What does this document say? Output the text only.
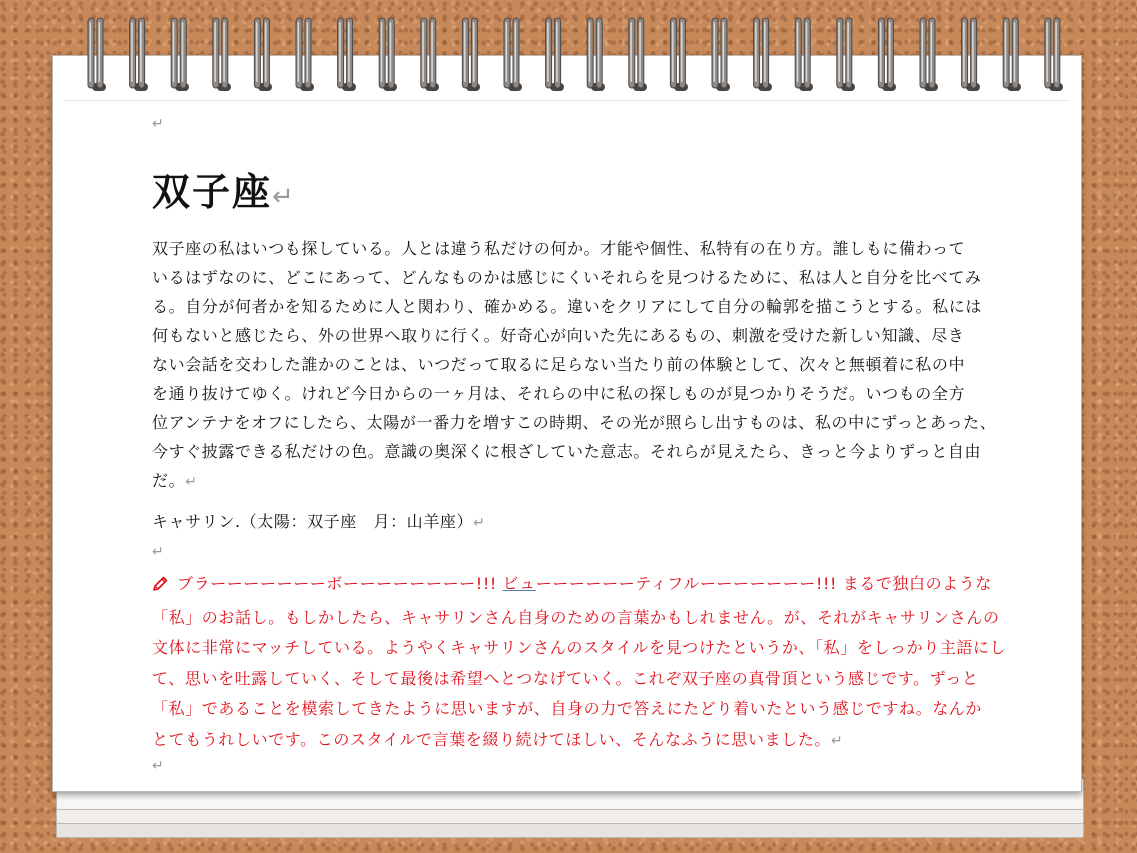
↵
双子座↵
双子座の私はいつも探している。人とは違う私だけの何か。才能や個性、私特有の在り方。誰しもに備わって
いるはずなのに、どこにあって、どんなものかは感じにくいそれらを見つけるために、私は人と自分を比べてみ
る。自分が何者かを知るために人と関わり、確かめる。違いをクリアにして自分の輪郭を描こうとする。私には
何もないと感じたら、外の世界へ取りに行く。好奇心が向いた先にあるもの、刺激を受けた新しい知識、尽き
ない会話を交わした誰かのことは、いつだって取るに足らない当たり前の体験として、次々と無頓着に私の中
を通り抜けてゆく。けれど今日からの一ヶ月は、それらの中に私の探しものが見つかりそうだ。いつもの全方
位アンテナをオフにしたら、太陽が一番力を増すこの時期、その光が照らし出すものは、私の中にずっとあった、
今すぐ披露できる私だけの色。意識の奥深くに根ざしていた意志。それらが見えたら、きっと今よりずっと自由
だ。↵
キャサリン.（太陽：双子座　月：山羊座）↵
↵
ブラーーーーーーーボーーーーーーーー!!! ビューーーーーーティフルーーーーーーー!!! まるで独白のような
「私」のお話し。もしかしたら、キャサリンさん自身のための言葉かもしれません。が、それがキャサリンさんの
文体に非常にマッチしている。ようやくキャサリンさんのスタイルを見つけたというか、「私」をしっかり主語にし
て、思いを吐露していく、そして最後は希望へとつなげていく。これぞ双子座の真骨頂という感じです。ずっと
「私」であることを模索してきたように思いますが、自身の力で答えにたどり着いたという感じですね。なんか
とてもうれしいです。このスタイルで言葉を綴り続けてほしい、そんなふうに思いました。↵
↵
